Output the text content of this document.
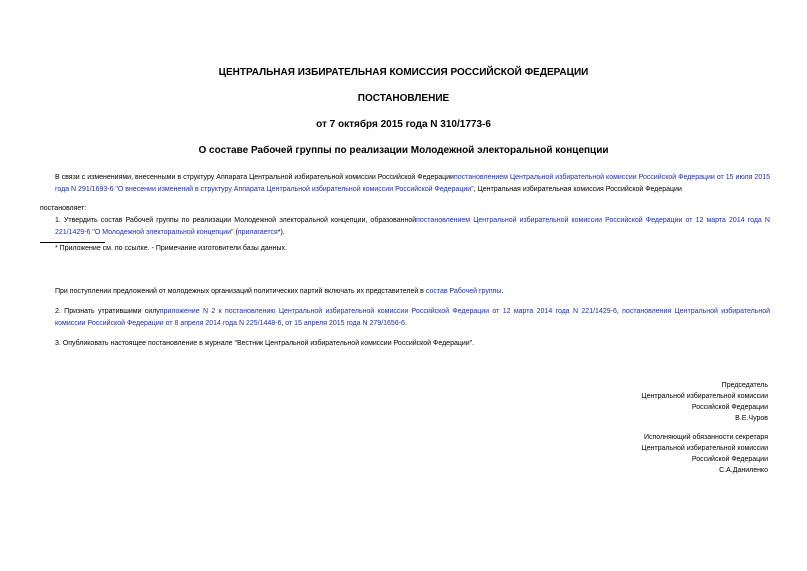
ЦЕНТРАЛЬНАЯ ИЗБИРАТЕЛЬНАЯ КОМИССИЯ РОССИЙСКОЙ ФЕДЕРАЦИИ
ПОСТАНОВЛЕНИЕ
от 7 октября 2015 года N 310/1773-6
О составе Рабочей группы по реализации Молодежной электоральной концепции
В связи с изменениями, внесенными в структуру Аппарата Центральной избирательной комиссии Российской Федерациипостановлением Центральной избирательной комиссии Российской Федерации от 15 июля 2015 года N 291/1693-6 "О внесении изменений в структуру Аппарата Центральной избирательной комиссии Российской Федерации", Центральная избирательная комиссия Российской Федерации
постановляет:
1. Утвердить состав Рабочей группы по реализации Молодежной электоральной концепции, образованнойпостановлением Центральной избирательной комиссии Российской Федерации от 12 марта 2014 года N 221/1429-6 "О Молодежной электоральной концепции" (прилагается*).
* Приложение см. по ссылке. - Примечание изготовители базы данных.
При поступлении предложений от молодежных организаций политических партий включать их представителей в состав Рабочей группы.
2. Признать утратившими силуприложение N 2 к постановлению Центральной избирательной комиссии Российской Федерации от 12 марта 2014 года N 221/1429-6, постановления Центральной избирательной комиссии Российской Федерации от 8 апреля 2014 года N 225/1448-6, от 15 апреля 2015 года N 279/1656-6.
3. Опубликовать настоящее постановление в журнале "Вестник Центральной избирательной комиссии Российской Федерации".
Председатель
Центральной избирательной комиссии
Российской Федерации
В.Е.Чуров
Исполняющий обязанности секретаря
Центральной избирательной комиссии
Российской Федерации
С.А.Даниленко
